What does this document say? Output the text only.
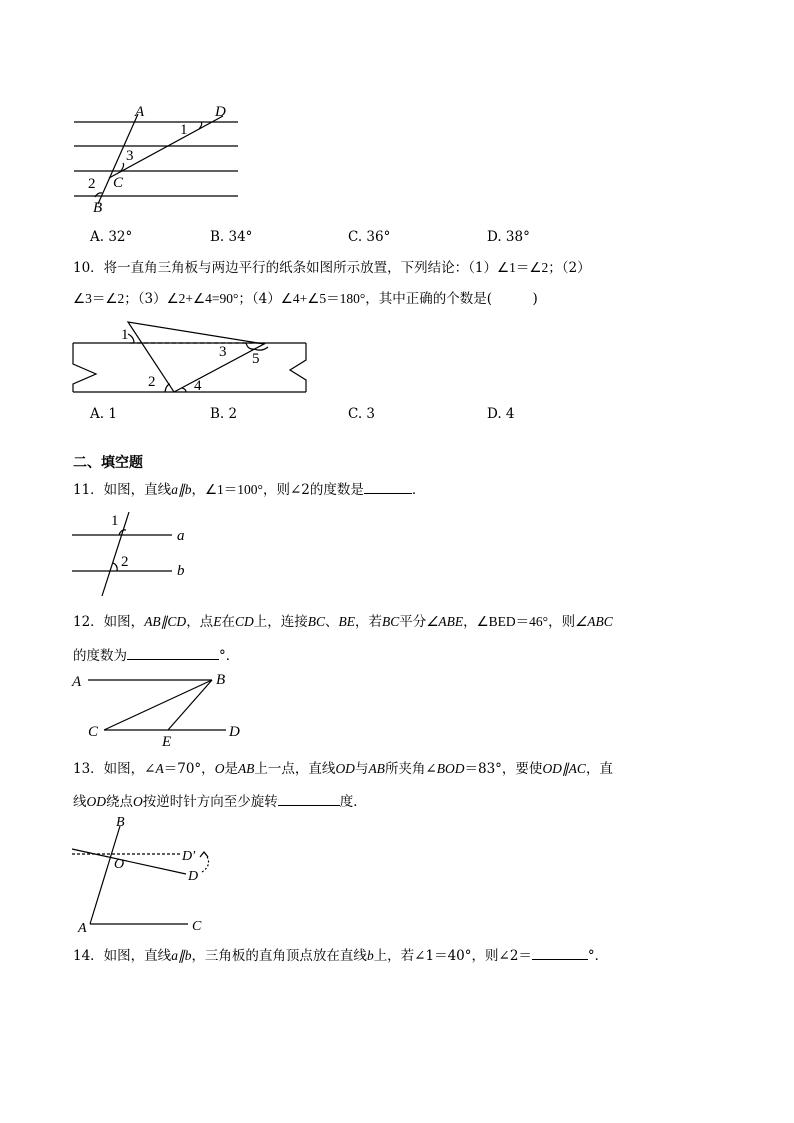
A	D
1
3
2 C
B
A. 32°	B. 34°	C. 36°	D. 38°
10．将一直角三角板与两边平行的纸条如图所示放置，下列结论：（1）∠1＝∠2；（2）
∠3＝∠2；（3）∠2+∠4=90°；（4）∠4+∠5＝180°，其中正确的个数是(　　　)
1
2	4
3 5
A. 1	B. 2	C. 3	D. 4
二、填空题
11．如图，直线a∥b，∠1＝100°，则∠2的度数是	．
1
2
a
b
12．如图，AB∥CD，点E在CD上，连接BC、BE，若BC平分∠ABE，∠BED＝46°，则∠ABC
的度数为	°．
A	B
C
E
D
13．如图，∠A＝70°，O是AB上一点，直线OD与AB所夹角∠BOD＝83°，要使OD∥AC，直
线OD绕点O按逆时针方向至少旋转	度．
B
O
D′
D
A	C
14．如图，直线a∥b，三角板的直角顶点放在直线b上，若∠1＝40°，则∠2＝	°．
